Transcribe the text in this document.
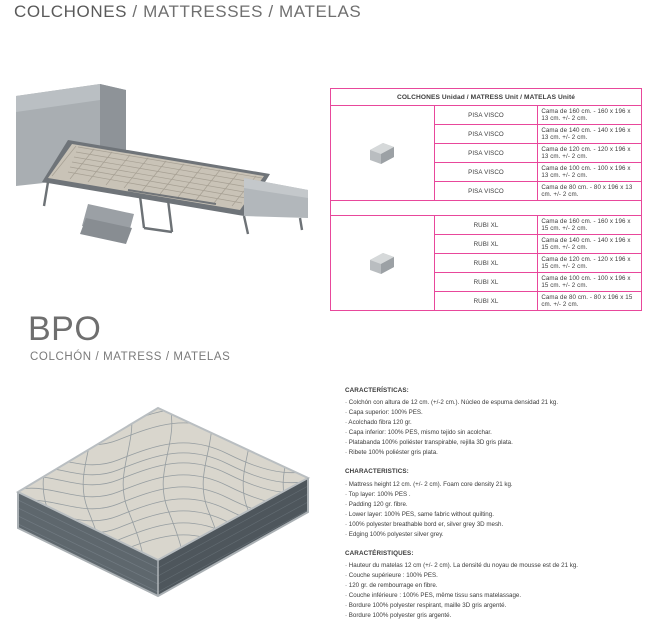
COLCHONES / MATTRESSES / MATELAS
COLCHONES Unidad / MATRESS Unit / MATELAS Unité		

	PISA VISCO	Cama de 160 cm. - 160 x 196 x 13 cm. +/- 2 cm.
	PISA VISCO	Cama de 140 cm. - 140 x 196 x 13 cm. +/- 2 cm.
	PISA VISCO	Cama de 120 cm. - 120 x 196 x 13 cm. +/- 2 cm.
	PISA VISCO	Cama de 100 cm. - 100 x 196 x 13 cm. +/- 2 cm.
	PISA VISCO	Cama de 80 cm. - 80 x 196 x 13 cm. +/- 2 cm.

	RUBI XL	Cama de 160 cm. - 160 x 196 x 15 cm. +/- 2 cm.
	RUBI XL	Cama de 140 cm. - 140 x 196 x 15 cm. +/- 2 cm.
	RUBI XL	Cama de 120 cm. - 120 x 196 x 15 cm. +/- 2 cm.
	RUBI XL	Cama de 100 cm. - 100 x 196 x 15 cm. +/- 2 cm.
	RUBI XL	Cama de 80 cm. - 80 x 196 x 15 cm. +/- 2 cm.
BPO
COLCHÓN / MATRESS / MATELAS
CARACTERÍSTICAS:
· Colchón con altura de 12 cm. (+/-2 cm.). Núcleo de espuma densidad 21 kg.
· Capa superior: 100% PES.
· Acolchado fibra 120 gr.
· Capa inferior: 100% PES, mismo tejido sin acolchar.
· Platabanda 100% poliéster transpirable, rejilla 3D gris plata.
· Ribete 100% poliéster gris plata.
CHARACTERISTICS:
· Mattress height 12 cm. (+/- 2 cm). Foam core density 21 kg.
· Top layer: 100% PES .
· Padding 120 gr. fibre.
· Lower layer: 100% PES, same fabric without quilting.
· 100% polyester breathable bord er, silver grey 3D mesh.
· Edging 100% polyester silver grey.
CARACTÉRISTIQUES:
· Hauteur du matelas 12 cm (+/- 2 cm). La densité du noyau de mousse est de 21 kg.
· Couche supérieure : 100% PES.
· 120 gr. de rembourrage en fibre.
· Couche inférieure : 100% PES, même tissu sans matelassage.
· Bordure 100% polyester respirant, maille 3D gris argenté.
· Bordure 100% polyester gris argenté.
